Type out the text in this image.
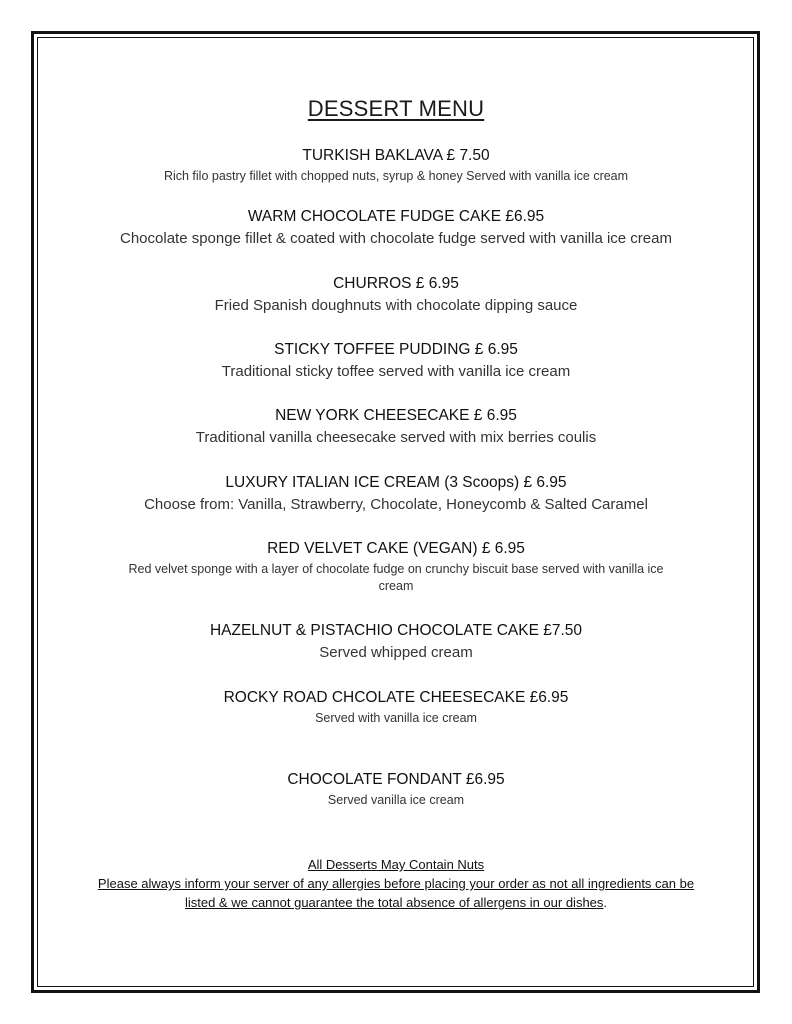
DESSERT MENU
TURKISH BAKLAVA £ 7.50
Rich filo pastry fillet with chopped nuts, syrup & honey Served with vanilla ice cream
WARM CHOCOLATE FUDGE CAKE £6.95
Chocolate sponge fillet & coated with chocolate fudge served with vanilla ice cream
CHURROS £ 6.95
Fried Spanish doughnuts with chocolate dipping sauce
STICKY TOFFEE PUDDING £ 6.95
Traditional sticky toffee served with vanilla ice cream
NEW YORK CHEESECAKE £ 6.95
Traditional vanilla cheesecake served with mix berries coulis
LUXURY ITALIAN ICE CREAM (3 Scoops) £ 6.95
Choose from: Vanilla, Strawberry, Chocolate, Honeycomb & Salted Caramel
RED VELVET CAKE (VEGAN) £ 6.95
Red velvet sponge with a layer of chocolate fudge on crunchy biscuit base served with vanilla ice cream
HAZELNUT & PISTACHIO CHOCOLATE CAKE £7.50
Served whipped cream
ROCKY ROAD CHCOLATE CHEESECAKE £6.95
Served with vanilla ice cream
CHOCOLATE FONDANT £6.95
Served vanilla ice cream
All Desserts May Contain Nuts
Please always inform your server of any allergies before placing your order as not all ingredients can be listed & we cannot guarantee the total absence of allergens in our dishes.
